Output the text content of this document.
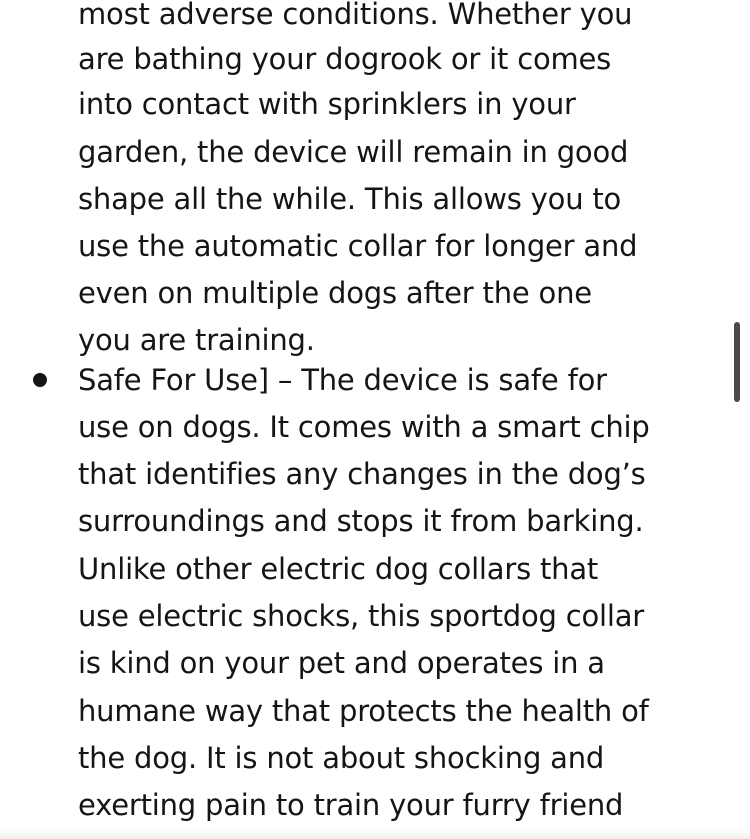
most adverse conditions. Whether you
are bathing your dogrook or it comes
into contact with sprinklers in your
garden, the device will remain in good
shape all the while. This allows you to
use the automatic collar for longer and
even on multiple dogs after the one
you are training.
Safe For Use] – The device is safe for
use on dogs. It comes with a smart chip
that identifies any changes in the dog’s
surroundings and stops it from barking.
Unlike other electric dog collars that
use electric shocks, this sportdog collar
is kind on your pet and operates in a
humane way that protects the health of
the dog. It is not about shocking and
exerting pain to train your furry friend
